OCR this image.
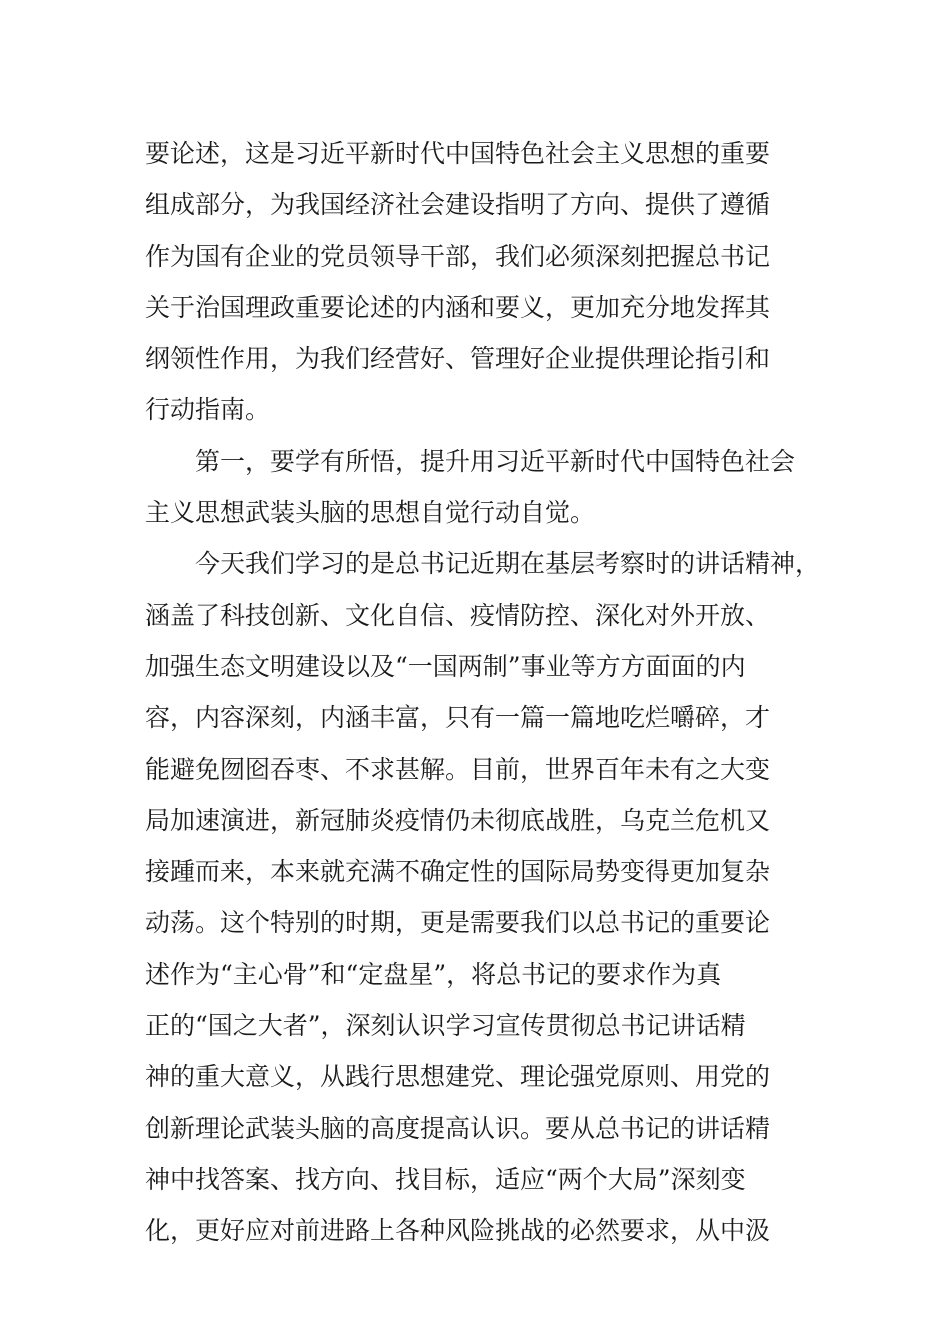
要论述，这是习近平新时代中国特色社会主义思想的重要
组成部分，为我国经济社会建设指明了方向、提供了遵循
作为国有企业的党员领导干部，我们必须深刻把握总书记
关于治国理政重要论述的内涵和要义，更加充分地发挥其
纲领性作用，为我们经营好、管理好企业提供理论指引和
行动指南。
　　第一，要学有所悟，提升用习近平新时代中国特色社会
主义思想武装头脑的思想自觉行动自觉。
　　今天我们学习的是总书记近期在基层考察时的讲话精神，
涵盖了科技创新、文化自信、疫情防控、深化对外开放、
加强生态文明建设以及“一国两制”事业等方方面面的内
容，内容深刻，内涵丰富，只有一篇一篇地吃烂嚼碎，才
能避免囫囵吞枣、不求甚解。目前，世界百年未有之大变
局加速演进，新冠肺炎疫情仍未彻底战胜，乌克兰危机又
接踵而来，本来就充满不确定性的国际局势变得更加复杂
动荡。这个特别的时期，更是需要我们以总书记的重要论
述作为“主心骨”和“定盘星”，将总书记的要求作为真
正的“国之大者”，深刻认识学习宣传贯彻总书记讲话精
神的重大意义，从践行思想建党、理论强党原则、用党的
创新理论武装头脑的高度提高认识。要从总书记的讲话精
神中找答案、找方向、找目标，适应“两个大局”深刻变
化，更好应对前进路上各种风险挑战的必然要求，从中汲
